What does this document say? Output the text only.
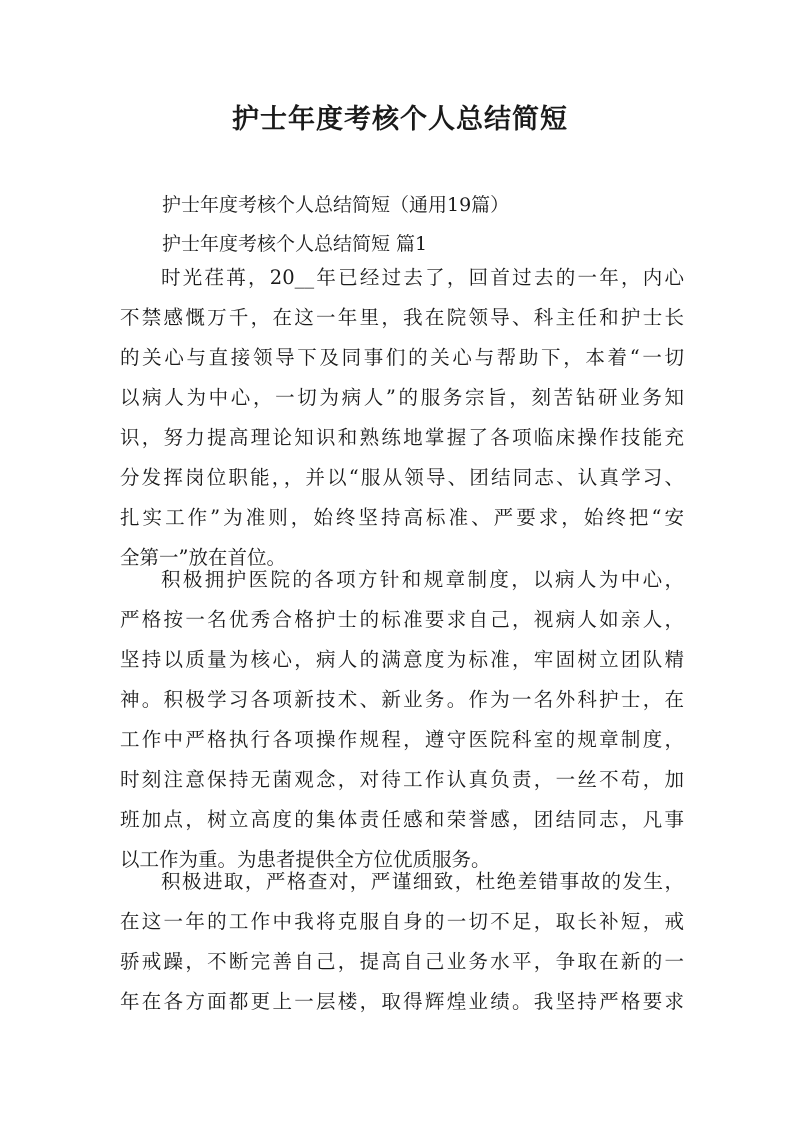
护士年度考核个人总结简短
护士年度考核个人总结简短（通用19篇）
护士年度考核个人总结简短 篇1
时光荏苒，20__年已经过去了，回首过去的一年，内心
不禁感慨万千，在这一年里，我在院领导、科主任和护士长
的关心与直接领导下及同事们的关心与帮助下，本着“一切
以病人为中心，一切为病人”的服务宗旨，刻苦钻研业务知
识，努力提高理论知识和熟练地掌握了各项临床操作技能充
分发挥岗位职能，，并以“服从领导、团结同志、认真学习、
扎实工作”为准则，始终坚持高标准、严要求，始终把“安
全第一”放在首位。
积极拥护医院的各项方针和规章制度，以病人为中心，
严格按一名优秀合格护士的标准要求自己，视病人如亲人，
坚持以质量为核心，病人的满意度为标准，牢固树立团队精
神。积极学习各项新技术、新业务。作为一名外科护士，在
工作中严格执行各项操作规程，遵守医院科室的规章制度，
时刻注意保持无菌观念，对待工作认真负责，一丝不苟，加
班加点，树立高度的集体责任感和荣誉感，团结同志，凡事
以工作为重。为患者提供全方位优质服务。
积极进取，严格查对，严谨细致，杜绝差错事故的发生，
在这一年的工作中我将克服自身的一切不足，取长补短，戒
骄戒躁，不断完善自己，提高自己业务水平，争取在新的一
年在各方面都更上一层楼，取得辉煌业绩。我坚持严格要求
